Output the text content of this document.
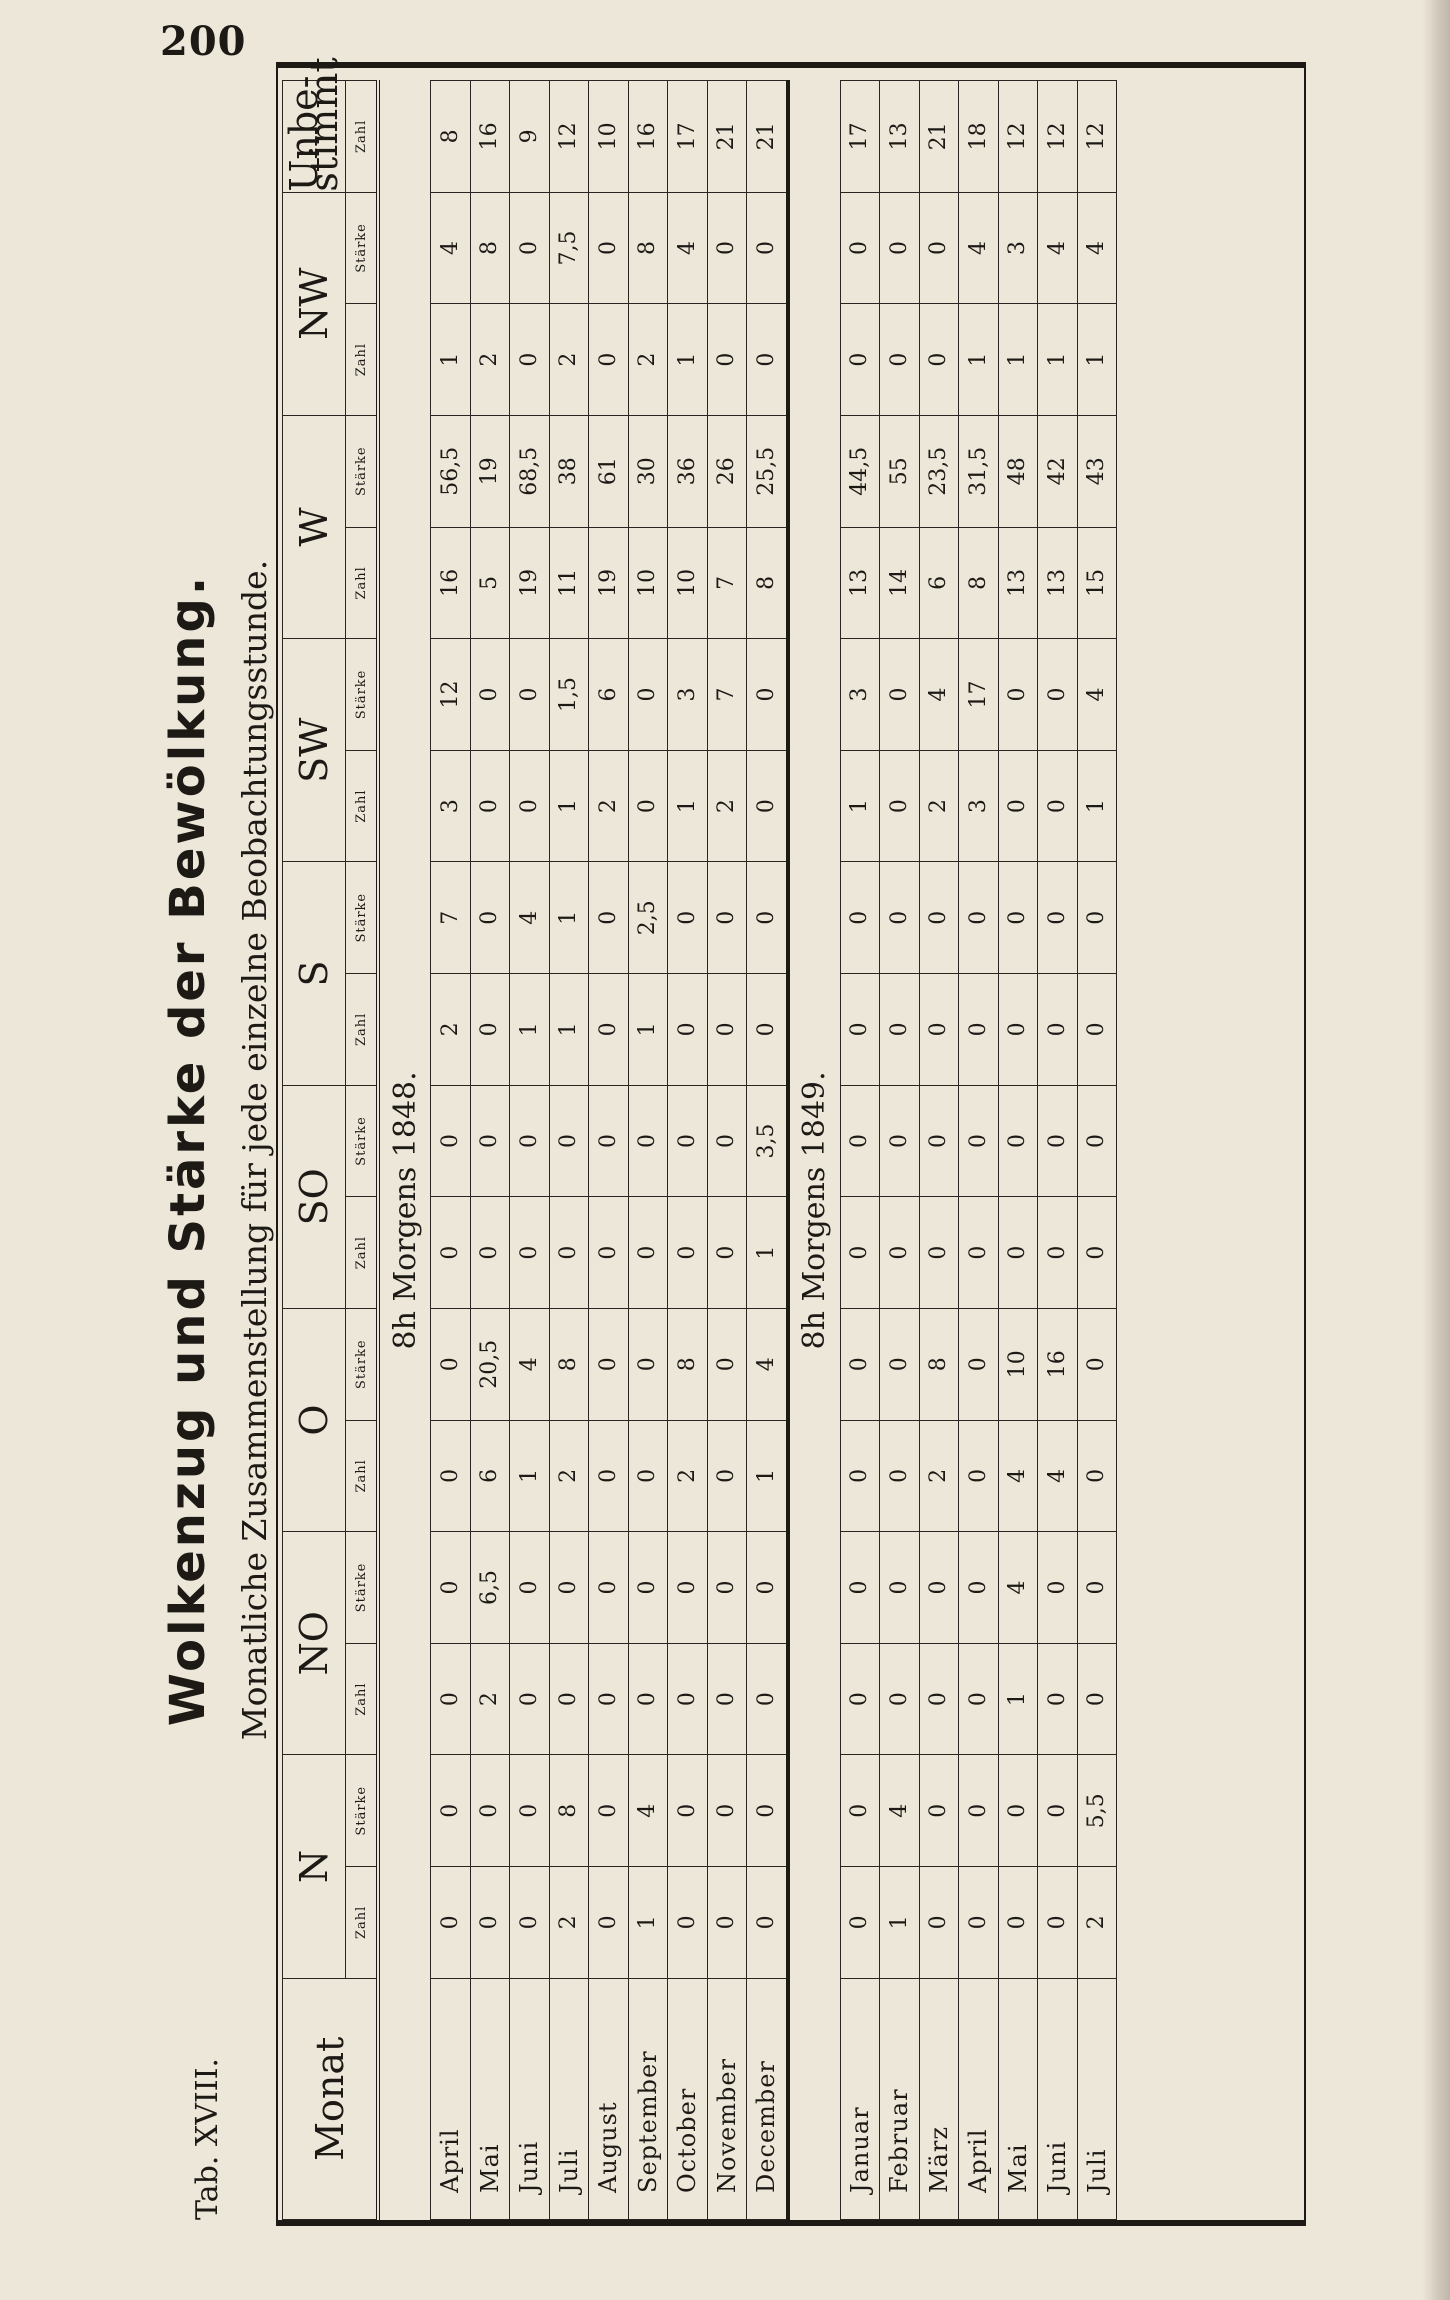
200
Tab. XVIII.
Wolkenzug und Stärke der Bewölkung. Monatliche Zusammenstellung für jede einzelne Beobachtungsstunde.
Monat	N		NO		O		SO		S		SW		W		NW		Unbe-stimmt
	Zahl	Stärke	Zahl	Stärke	Zahl	Stärke	Zahl	Stärke	Zahl	Stärke	Zahl	Stärke	Zahl	Stärke	Zahl	Stärke	Zahl
8h Morgens 1848.																	
April	0	0	0	0	0	0	0	0	2	7	3	12	16	56,5	1	4	8
Mai	0	0	2	6,5	6	20,5	0	0	0	0	0	0	5	19	2	8	16
Juni	0	0	0	0	1	4	0	0	1	4	0	0	19	68,5	0	0	9
Juli	2	8	0	0	2	8	0	0	1	1	1	1,5	11	38	2	7,5	12
August	0	0	0	0	0	0	0	0	0	0	2	6	19	61	0	0	10
September	1	4	0	0	0	0	0	0	1	2,5	0	0	10	30	2	8	16
October	0	0	0	0	2	8	0	0	0	0	1	3	10	36	1	4	17
November	0	0	0	0	0	0	0	0	0	0	2	7	7	26	0	0	21
December	0	0	0	0	1	4	1	3,5	0	0	0	0	8	25,5	0	0	21
8h Morgens 1849.																	
Januar	0	0	0	0	0	0	0	0	0	0	1	3	13	44,5	0	0	17
Februar	1	4	0	0	0	0	0	0	0	0	0	0	14	55	0	0	13
März	0	0	0	0	2	8	0	0	0	0	2	4	6	23,5	0	0	21
April	0	0	0	0	0	0	0	0	0	0	3	17	8	31,5	1	4	18
Mai	0	0	1	4	4	10	0	0	0	0	0	0	13	48	1	3	12
Juni	0	0	0	0	4	16	0	0	0	0	0	0	13	42	1	4	12
Juli	2	5,5	0	0	0	0	0	0	0	0	1	4	15	43	1	4	12
